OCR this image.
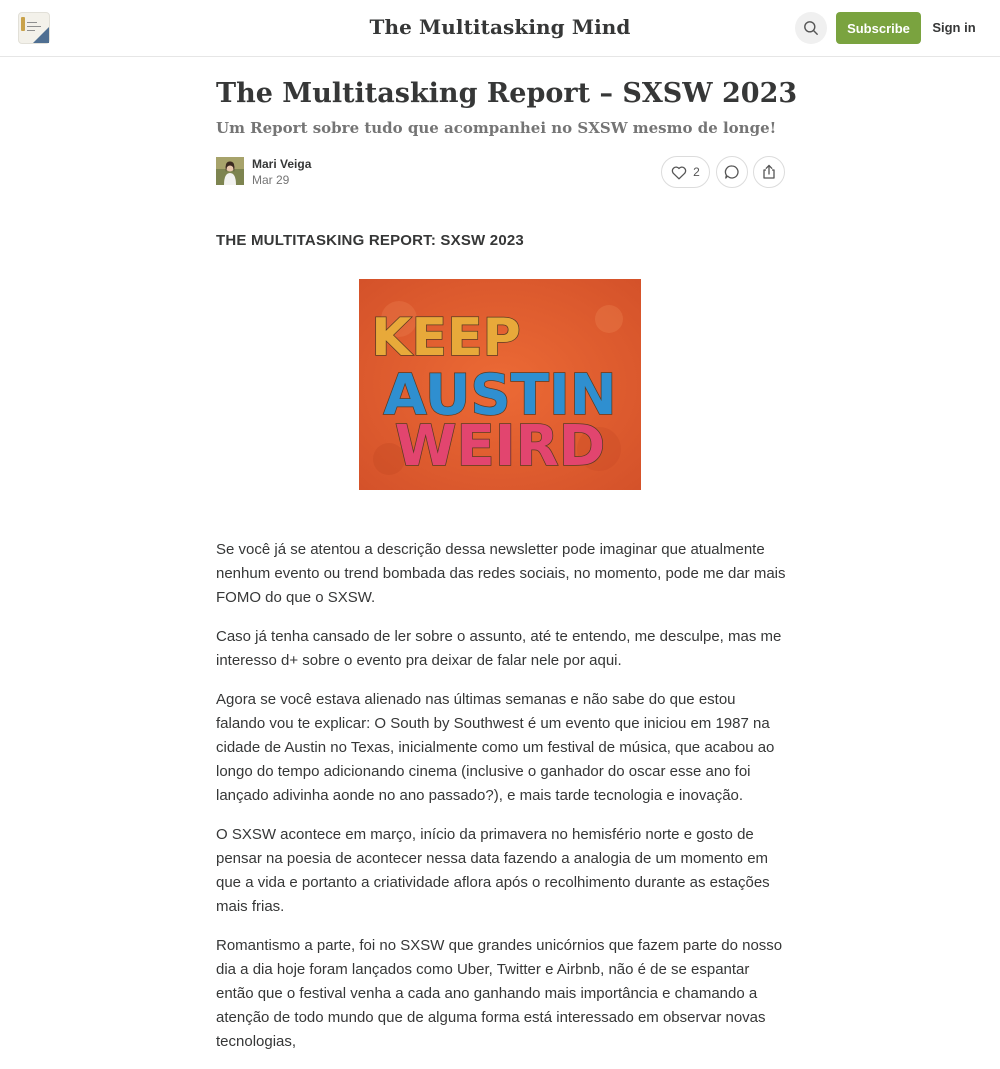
The Multitasking Mind	Subscribe	Sign in
The Multitasking Report – SXSW 2023
Um Report sobre tudo que acompanhei no SXSW mesmo de longe!
Mari Veiga
Mar 29
2
THE MULTITASKING REPORT: SXSW 2023
KEEP
AUSTIN
WEIRD

Se você já se atentou a descrição dessa newsletter pode imaginar que atualmente nenhum evento ou trend bombada das redes sociais, no momento, pode me dar mais FOMO do que o SXSW.

Caso já tenha cansado de ler sobre o assunto, até te entendo, me desculpe, mas me interesso d+ sobre o evento pra deixar de falar nele por aqui.

Agora se você estava alienado nas últimas semanas e não sabe do que estou falando vou te explicar: O South by Southwest é um evento que iniciou em 1987 na cidade de Austin no Texas, inicialmente como um festival de música, que acabou ao longo do tempo adicionando cinema (inclusive o ganhador do oscar esse ano foi lançado adivinha aonde no ano passado?), e mais tarde tecnologia e inovação.

O SXSW acontece em março, início da primavera no hemisfério norte e gosto de pensar na poesia de acontecer nessa data fazendo a analogia de um momento em que a vida e portanto a criatividade aflora após o recolhimento durante as estações mais frias.

Romantismo a parte, foi no SXSW que grandes unicórnios que fazem parte do nosso dia a dia hoje foram lançados como Uber, Twitter e Airbnb, não é de se espantar então que o festival venha a cada ano ganhando mais importância e chamando a atenção de todo mundo que de alguma forma está interessado em observar novas tecnologias,
